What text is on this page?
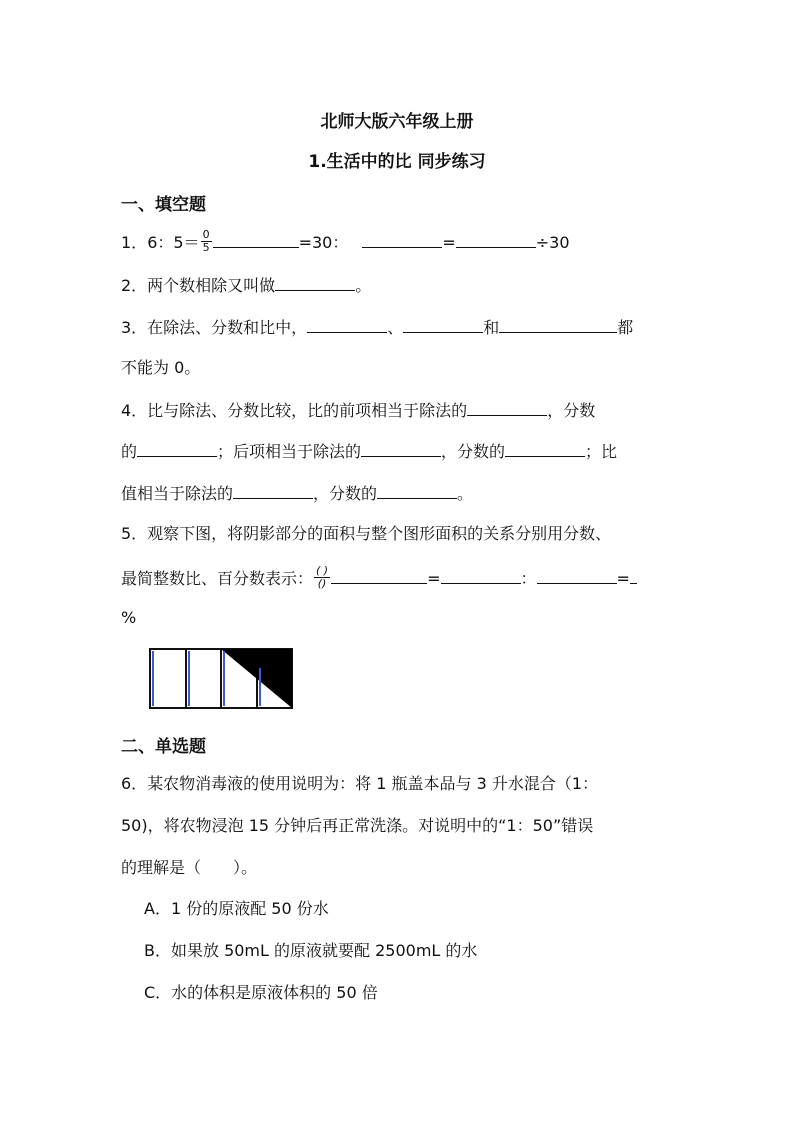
北师大版六年级上册
1.生活中的比 同步练习
一、填空题
1．6：$5= \frac{0}{5}$	=30：	=	÷30
2．两个数相除又叫做	。
3．在除法、分数和比中，	、	和	都
不能为 0。
4．比与除法、分数比较，比的前项相当于除法的	，分数
的	；后项相当于除法的	，分数的	；比
值相当于除法的	，分数的	。
5．观察下图，将阴影部分的面积与整个图形面积的关系分别用分数、
最简整数比、百分数表示： $\frac{( )}{()}$	=	：	=
%
二、单选题
6．某农物消毒液的使用说明为：将 1 瓶盖本品与 3 升水混合（1：
50)，将农物浸泡 15 分钟后再正常洗涤。对说明中的“1：50”错误
的理解是（　　）。
A．1 份的原液配 50 份水
B．如果放 50mL 的原液就要配 2500mL 的水
C．水的体积是原液体积的 50 倍
